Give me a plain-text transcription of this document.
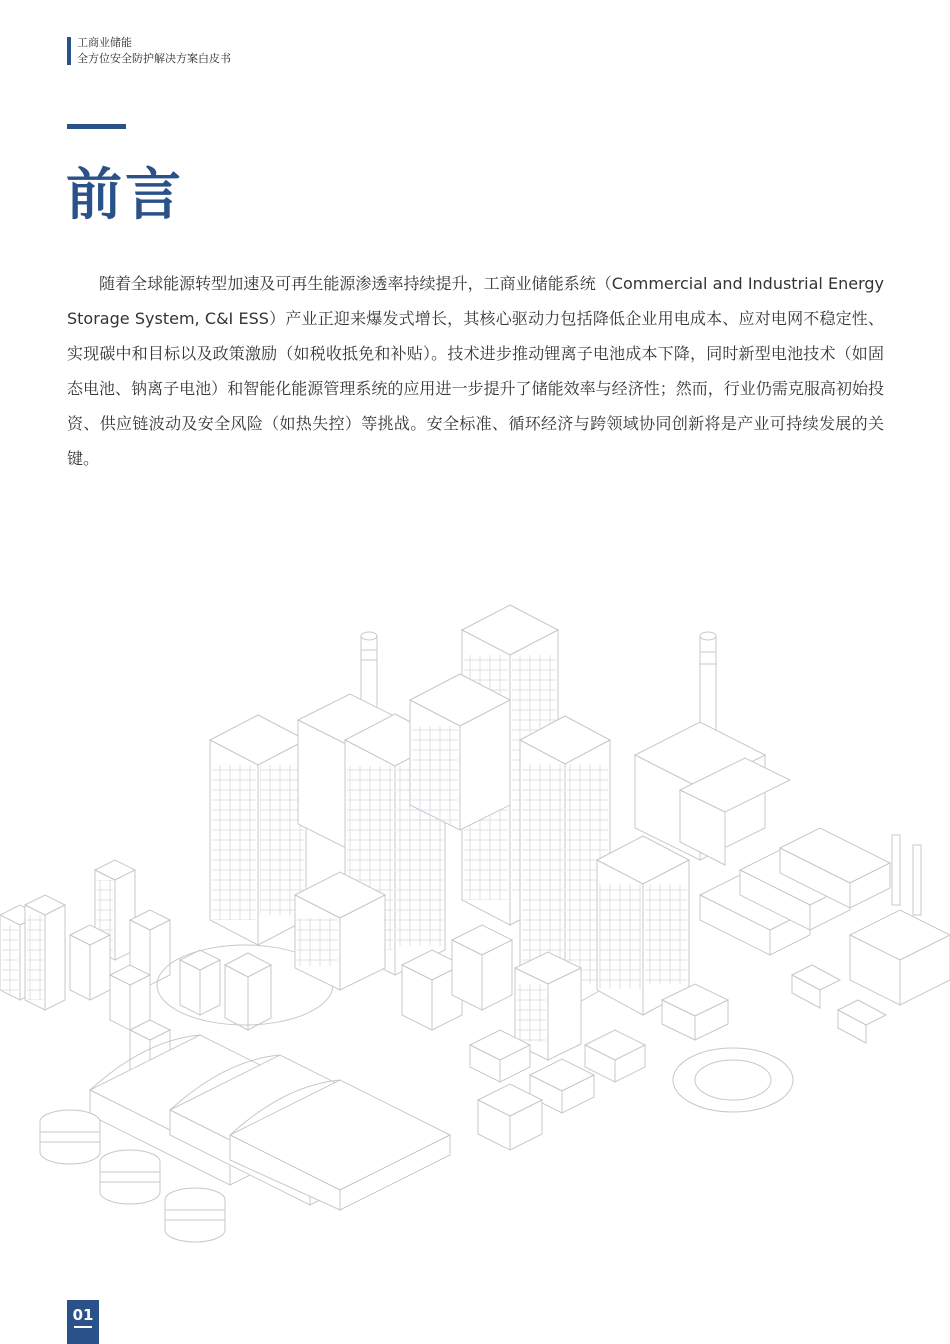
工商业储能
全方位安全防护解决方案白皮书
前言

随着全球能源转型加速及可再生能源渗透率持续提升，工商业储能系统（Commercial and Industrial Energy Storage System, C&I ESS）产业正迎来爆发式增长，其核心驱动力包括降低企业用电成本、应对电网不稳定性、实现碳中和目标以及政策激励（如税收抵免和补贴）。技术进步推动锂离子电池成本下降，同时新型电池技术（如固态电池、钠离子电池）和智能化能源管理系统的应用进一步提升了储能效率与经济性；然而，行业仍需克服高初始投资、供应链波动及安全风险（如热失控）等挑战。安全标准、循环经济与跨领域协同创新将是产业可持续发展的关键。

01
